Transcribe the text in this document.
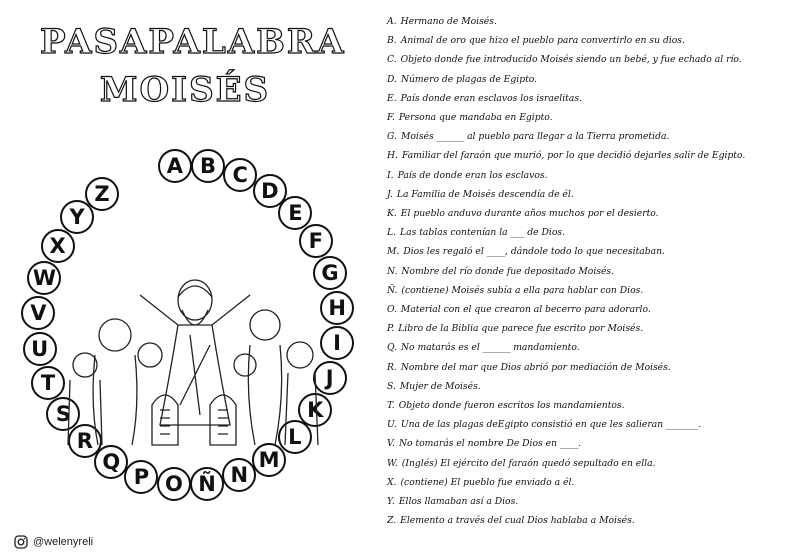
PASAPALABRA
MOISÉS
A B C
D
E
F
G
H
I
J
K
L
M
N
Ñ
O
P
Q
R
S
T
U
V
W
X
Y
Z
A. Hermano de Moisés.
B. Animal de oro que hizo el pueblo para convertirlo en su dios.
C. Objeto donde fue introducido Moisés siendo un bebé, y fue echado al río.
D. Número de plagas de Egipto.
E. País donde eran esclavos los israelitas.
F. Persona que mandaba en Egipto.
G. Moisés ______ al pueblo para llegar a la Tierra prometida.
H. Familiar del faraón que murió, por lo que decidió dejarles salir de Egipto.
I. País de donde eran los esclavos.
J. La Familia de Moisés descendía de él.
K. El pueblo anduvo durante años muchos por el desierto.
L. Las tablas contenían la ___ de Dios.
M. Dios les regaló el ____, dándole todo lo que necesitaban.
N. Nombre del río donde fue depositado Moisés.
Ñ. (contiene) Moisés subía a ella para hablar con Dios.
O. Material con el que crearon al becerro para adorarlo.
P. Libro de la Biblia que parece fue escrito por Moisés.
Q. No matarás es el ______ mandamiento.
R. Nombre del mar que Dios abrió por mediación de Moisés.
S. Mujer de Moisés.
T. Objeto donde fueron escritos los mandamientos.
U. Una de las plagas deEgipto consistió en que les salieran _______.
V. No tomarás el nombre De Dios en ____.
W. (Inglés) El ejército del faraón quedó sepultado en ella.
X. (contiene) El pueblo fue enviado a él.
Y. Ellos llamaban así a Dios.
Z. Elemento a través del cual Dios hablaba a Moisés.
@welenyreli
